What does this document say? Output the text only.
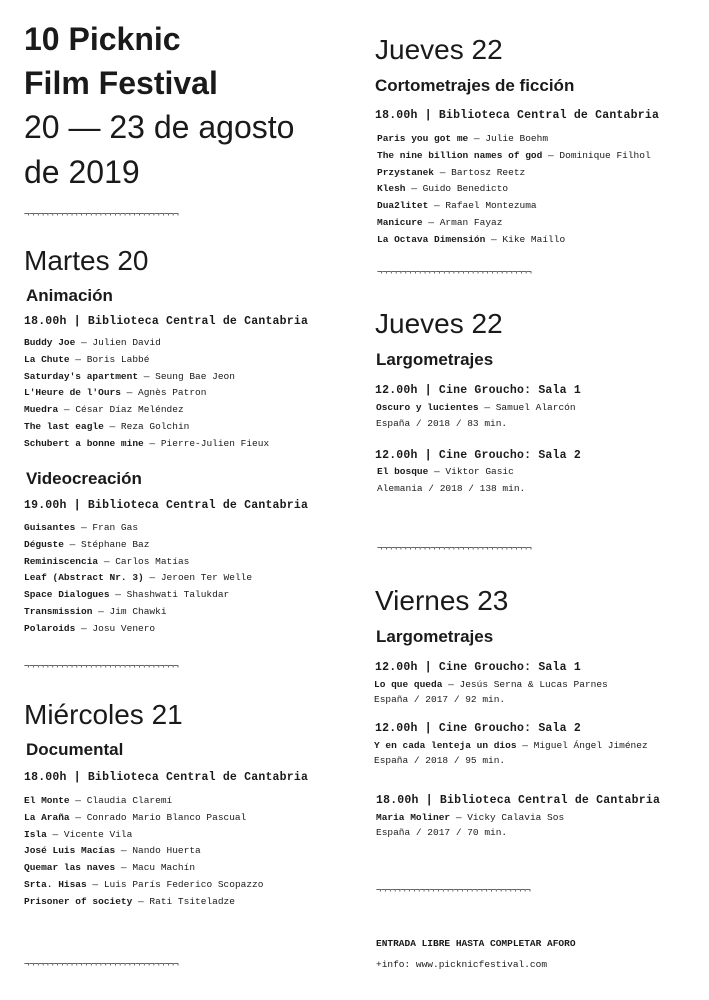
10 Picknic
Film Festival
20 — 23 de agosto
de 2019
¬¬¬¬¬¬¬¬¬¬¬¬¬¬¬¬¬¬¬¬¬¬¬¬¬¬¬¬¬¬¬¬
Martes 20
Animación
18.00h | Biblioteca Central de Cantabria
Buddy Joe — Julien David
La Chute — Boris Labbé
Saturday's apartment — Seung Bae Jeon
L'Heure de l'Ours — Agnès Patron
Muedra — César Díaz Meléndez
The last eagle — Reza Golchin
Schubert a bonne mine — Pierre-Julien Fieux
Videocreación
19.00h | Biblioteca Central de Cantabria
Guisantes — Fran Gas
Déguste — Stéphane Baz
Reminiscencia — Carlos Matías
Leaf (Abstract Nr. 3) — Jeroen Ter Welle
Space Dialogues — Shashwati Talukdar
Transmission — Jim Chawki
Polaroids — Josu Venero
¬¬¬¬¬¬¬¬¬¬¬¬¬¬¬¬¬¬¬¬¬¬¬¬¬¬¬¬¬¬¬¬
Miércoles 21
Documental
18.00h | Biblioteca Central de Cantabria
El Monte — Claudia Claremí
La Araña — Conrado Mario Blanco Pascual
Isla — Vicente Vila
José Luis Macías — Nando Huerta
Quemar las naves — Macu Machín
Srta. Hisas — Luis París Federico Scopazzo
Prisoner of society — Rati Tsiteladze
¬¬¬¬¬¬¬¬¬¬¬¬¬¬¬¬¬¬¬¬¬¬¬¬¬¬¬¬¬¬¬¬
Jueves 22
Cortometrajes de ficción
18.00h | Biblioteca Central de Cantabria
Paris you got me — Julie Boehm
The nine billion names of god — Dominique Filhol
Przystanek — Bartosz Reetz
Klesh — Guido Benedicto
Dua2litet — Rafael Montezuma
Manicure — Arman Fayaz
La Octava Dimensión — Kike Maíllo
¬¬¬¬¬¬¬¬¬¬¬¬¬¬¬¬¬¬¬¬¬¬¬¬¬¬¬¬¬¬¬¬
Jueves 22
Largometrajes
12.00h | Cine Groucho: Sala 1
Oscuro y lucientes — Samuel Alarcón
España / 2018 / 83 min.
12.00h | Cine Groucho: Sala 2
El bosque — Viktor Gasic
Alemania / 2018 / 138 min.
¬¬¬¬¬¬¬¬¬¬¬¬¬¬¬¬¬¬¬¬¬¬¬¬¬¬¬¬¬¬¬¬
Viernes 23
Largometrajes
12.00h | Cine Groucho: Sala 1
Lo que queda — Jesús Serna & Lucas Parnes
España / 2017 / 92 min.
12.00h | Cine Groucho: Sala 2
Y en cada lenteja un dios — Miguel Ángel Jiménez
España / 2018 / 95 min.
18.00h | Biblioteca Central de Cantabria
Maria Moliner — Vicky Calavia Sos
España / 2017 / 70 min.
¬¬¬¬¬¬¬¬¬¬¬¬¬¬¬¬¬¬¬¬¬¬¬¬¬¬¬¬¬¬¬¬
ENTRADA LIBRE HASTA COMPLETAR AFORO
+info: www.picknicfestival.com
